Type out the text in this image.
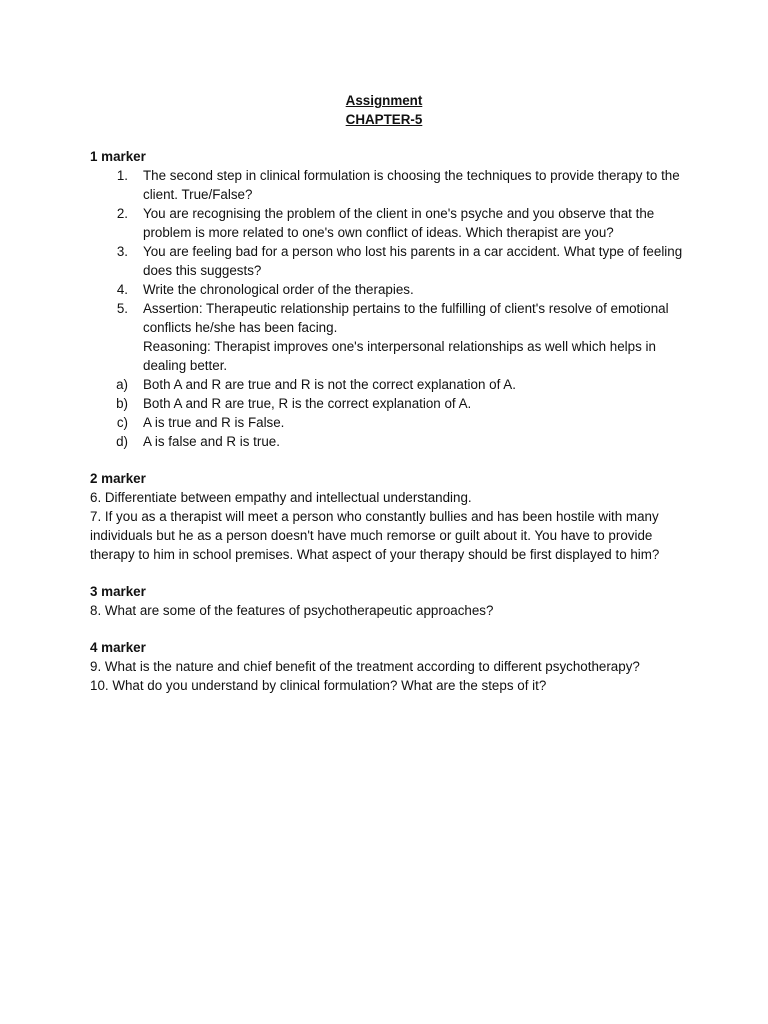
Assignment

CHAPTER-5

1 marker

1.	The second step in clinical formulation is choosing the techniques to provide therapy to the client. True/False?
2.	You are recognising the problem of the client in one's psyche and you observe that the problem is more related to one's own conflict of ideas. Which therapist are you?
3.	You are feeling bad for a person who lost his parents in a car accident. What type of feeling does this suggests?
4.	Write the chronological order of the therapies.
5.	Assertion: Therapeutic relationship pertains to the fulfilling of client's resolve of emotional conflicts he/she has been facing.
Reasoning: Therapist improves one's interpersonal relationships as well which helps in dealing better.
a)	Both A and R are true and R is not the correct explanation of A.
b)	Both A and R are true, R is the correct explanation of A.
c)	A is true and R is False.
d)	A is false and R is true.

2 marker

6. Differentiate between empathy and intellectual understanding.

7. If you as a therapist will meet a person who constantly bullies and has been hostile with many individuals but he as a person doesn't have much remorse or guilt about it. You have to provide therapy to him in school premises. What aspect of your therapy should be first displayed to him?

3 marker

8. What are some of the features of psychotherapeutic approaches?

4 marker

9. What is the nature and chief benefit of the treatment according to different psychotherapy?

10. What do you understand by clinical formulation? What are the steps of it?
